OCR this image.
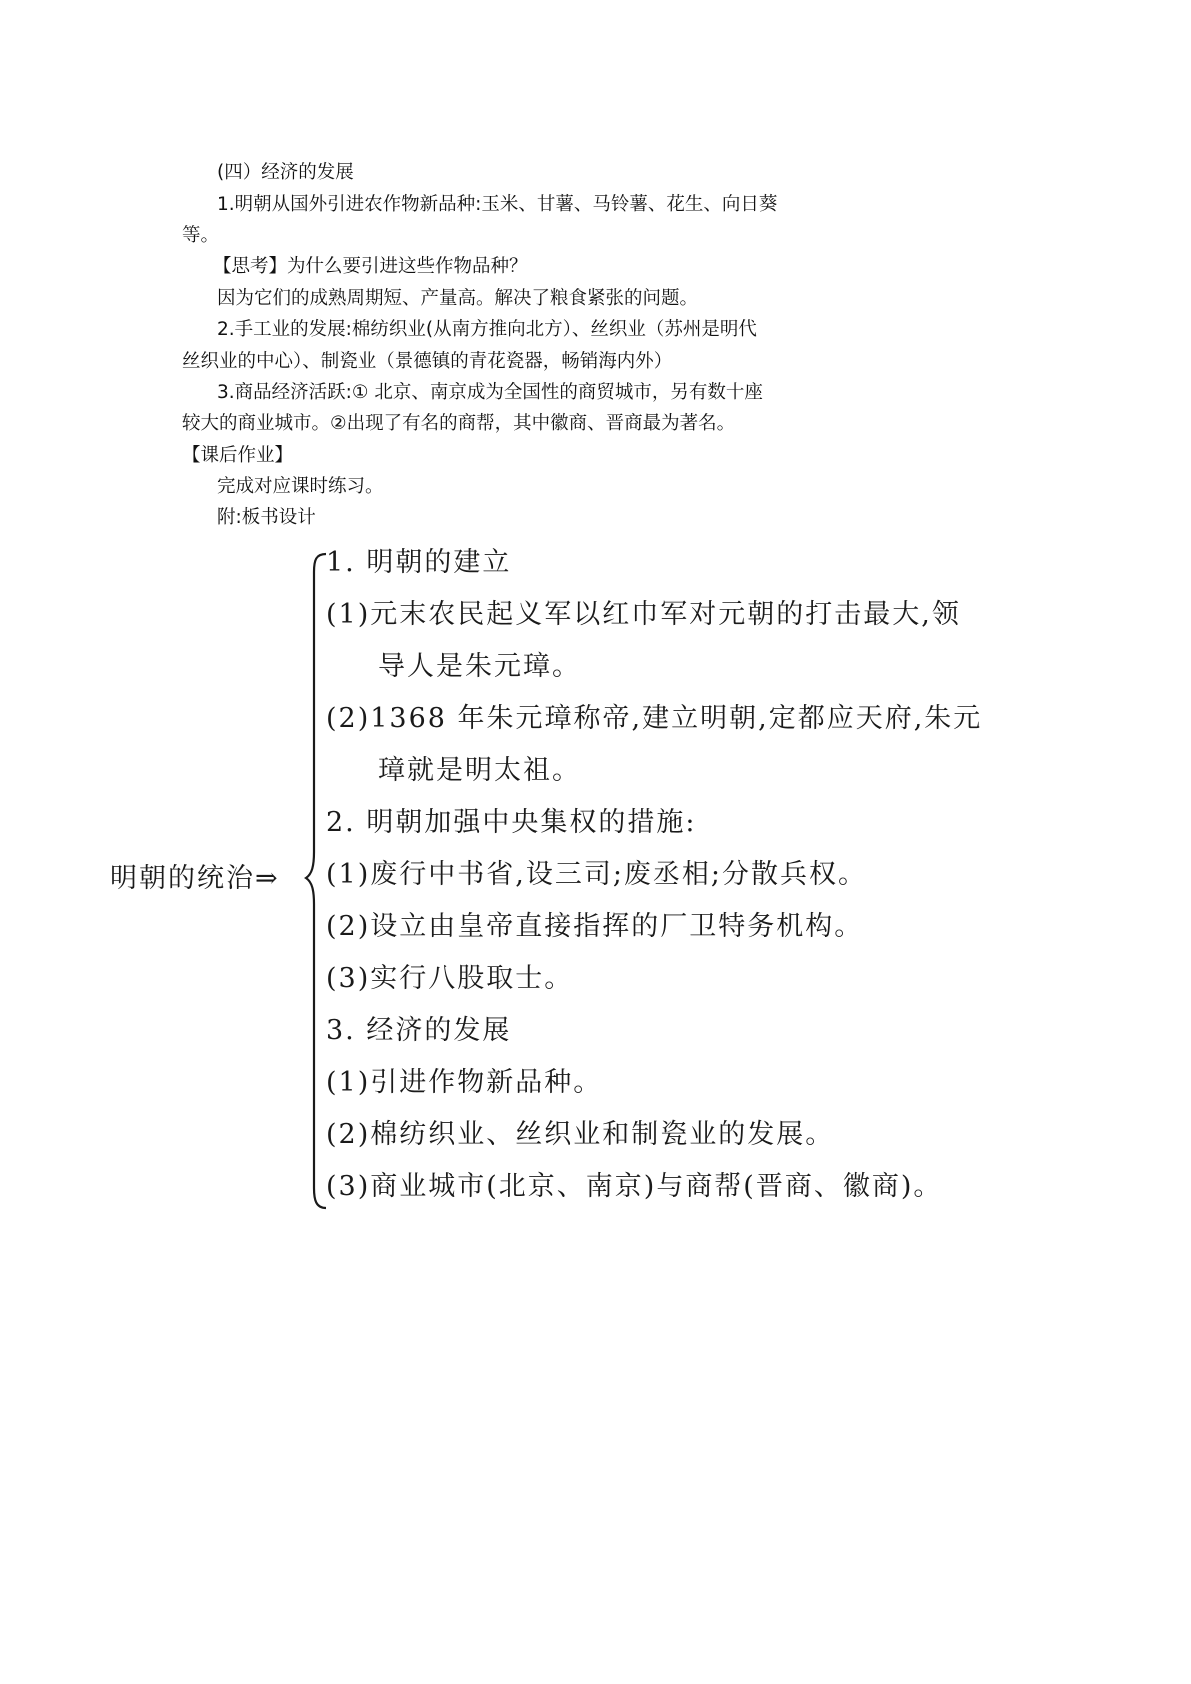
(四）经济的发展
1.明朝从国外引进农作物新品种:玉米、甘薯、马铃薯、花生、向日葵
等。
【思考】为什么要引进这些作物品种？
因为它们的成熟周期短、产量高。解决了粮食紧张的问题。
2.手工业的发展:棉纺织业(从南方推向北方）、丝织业（苏州是明代
丝织业的中心）、制瓷业（景德镇的青花瓷器，畅销海内外）
3.商品经济活跃:① 北京、南京成为全国性的商贸城市，另有数十座
较大的商业城市。②出现了有名的商帮，其中徽商、晋商最为著名。
【课后作业】
完成对应课时练习。
附:板书设计
明朝的统治⇒
1. 明朝的建立
(1)元末农民起义军以红巾军对元朝的打击最大,领
导人是朱元璋。
(2)1368 年朱元璋称帝,建立明朝,定都应天府,朱元
璋就是明太祖。
2. 明朝加强中央集权的措施:
(1)废行中书省,设三司;废丞相;分散兵权。
(2)设立由皇帝直接指挥的厂卫特务机构。
(3)实行八股取士。
3. 经济的发展
(1)引进作物新品种。
(2)棉纺织业、丝织业和制瓷业的发展。
(3)商业城市(北京、南京)与商帮(晋商、徽商)。
